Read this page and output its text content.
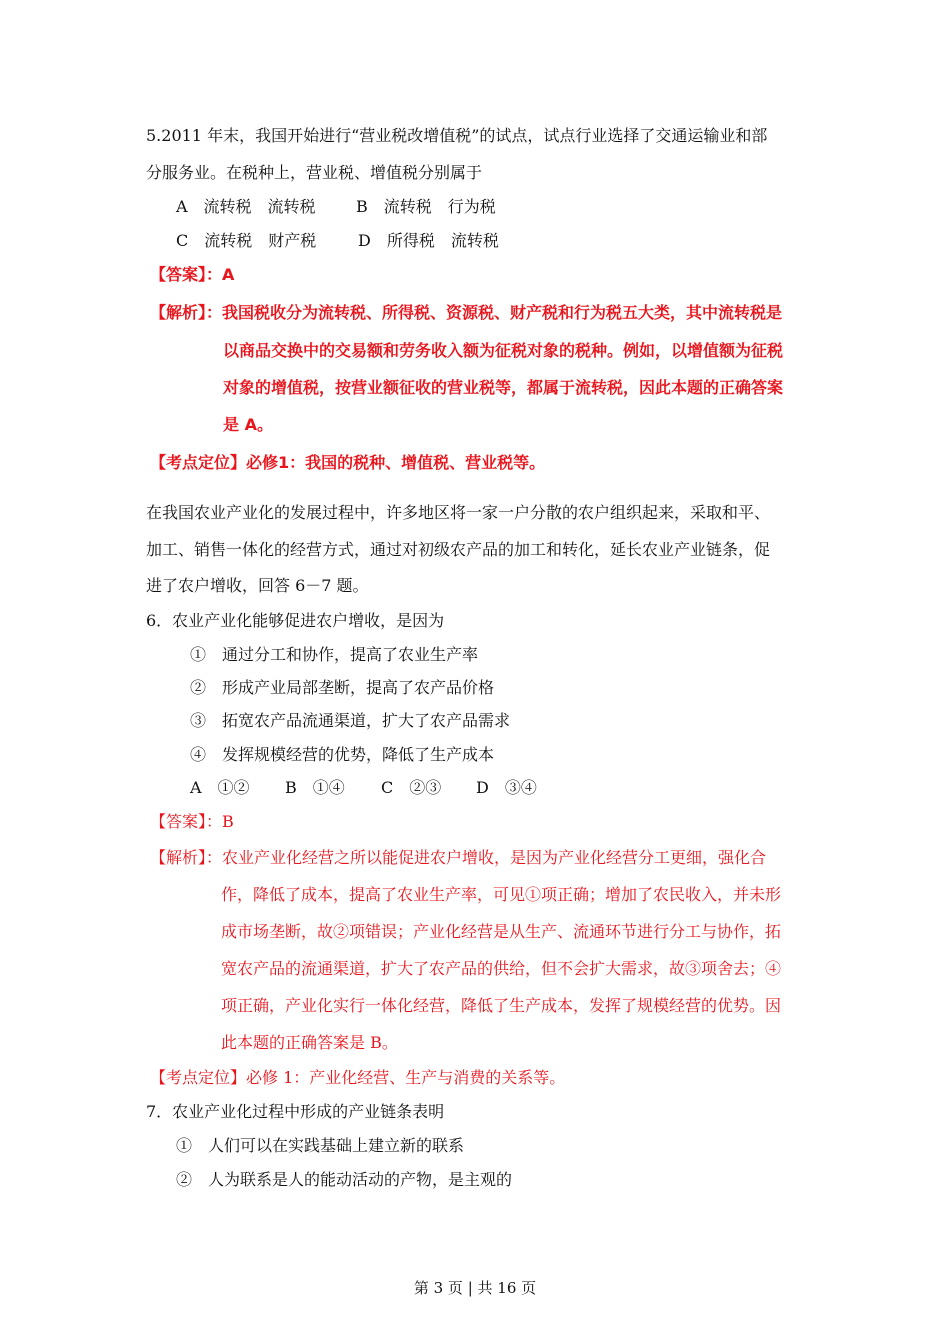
5.2011 年末，我国开始进行“营业税改增值税”的试点，试点行业选择了交通运输业和部
分服务业。在税种上，营业税、增值税分别属于
A　流转税　流转税	B　流转税　行为税
C　流转税　财产税	D　所得税　流转税
【答案】：A
【解析】：我国税收分为流转税、所得税、资源税、财产税和行为税五大类，其中流转税是
以商品交换中的交易额和劳务收入额为征税对象的税种。例如，以增值额为征税
对象的增值税，按营业额征收的营业税等，都属于流转税，因此本题的正确答案
是 A。
【考点定位】必修1：我国的税种、增值税、营业税等。
在我国农业产业化的发展过程中，许多地区将一家一户分散的农户组织起来，采取和平、
加工、销售一体化的经营方式，通过对初级农产品的加工和转化，延长农业产业链条，促
进了农户增收，回答 6－7 题。
6．农业产业化能够促进农户增收，是因为
①　通过分工和协作，提高了农业生产率
②　形成产业局部垄断，提高了农产品价格
③　拓宽农产品流通渠道，扩大了农产品需求
④　发挥规模经营的优势，降低了生产成本
A　①② B　①④ C　②③ D　③④
【答案】：B
【解析】：农业产业化经营之所以能促进农户增收，是因为产业化经营分工更细，强化合
作，降低了成本，提高了农业生产率，可见①项正确；增加了农民收入，并未形
成市场垄断，故②项错误；产业化经营是从生产、流通环节进行分工与协作，拓
宽农产品的流通渠道，扩大了农产品的供给，但不会扩大需求，故③项舍去；④
项正确，产业化实行一体化经营，降低了生产成本，发挥了规模经营的优势。因
此本题的正确答案是 B。
【考点定位】必修 1：产业化经营、生产与消费的关系等。
7．农业产业化过程中形成的产业链条表明
①　人们可以在实践基础上建立新的联系
②　人为联系是人的能动活动的产物，是主观的
第 3 页 | 共 16 页
